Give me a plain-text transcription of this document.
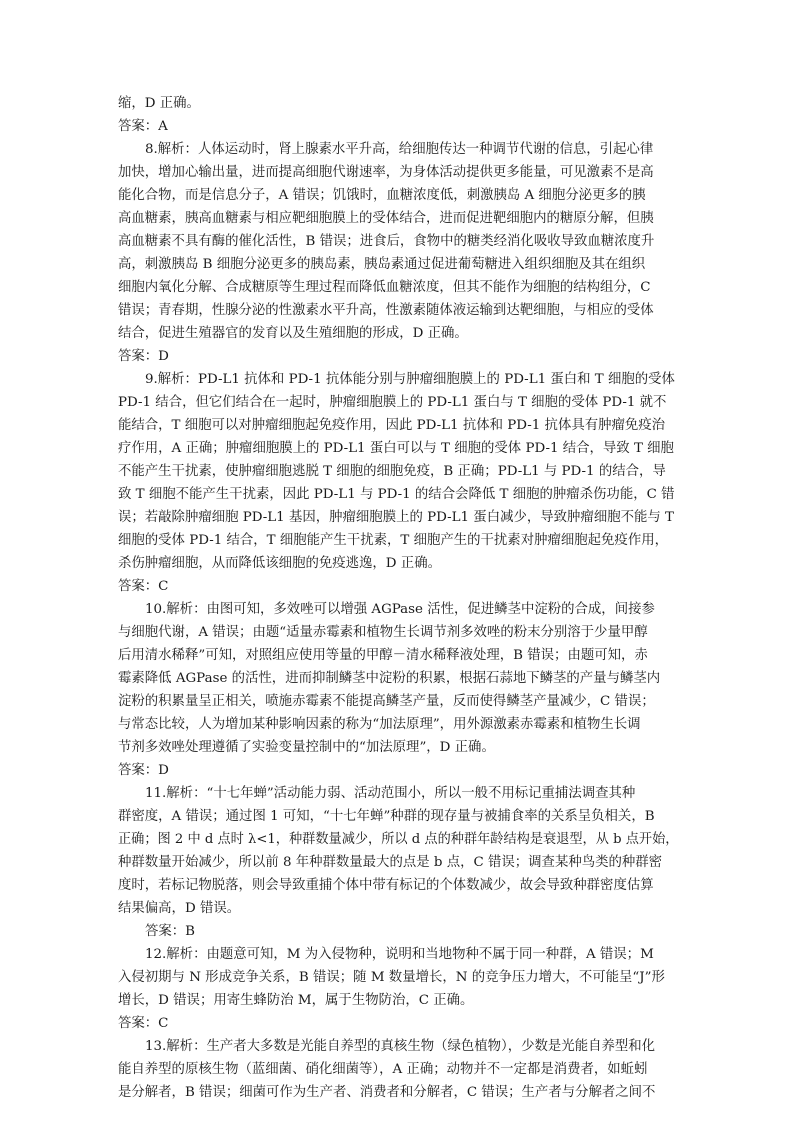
缩，D 正确。
答案：A
8.解析：人体运动时，肾上腺素水平升高，给细胞传达一种调节代谢的信息，引起心律
加快，增加心输出量，进而提高细胞代谢速率，为身体活动提供更多能量，可见激素不是高
能化合物，而是信息分子，A 错误；饥饿时，血糖浓度低，刺激胰岛 A 细胞分泌更多的胰
高血糖素，胰高血糖素与相应靶细胞膜上的受体结合，进而促进靶细胞内的糖原分解，但胰
高血糖素不具有酶的催化活性，B 错误；进食后，食物中的糖类经消化吸收导致血糖浓度升
高，刺激胰岛 B 细胞分泌更多的胰岛素，胰岛素通过促进葡萄糖进入组织细胞及其在组织
细胞内氧化分解、合成糖原等生理过程而降低血糖浓度，但其不能作为细胞的结构组分，C
错误；青春期，性腺分泌的性激素水平升高，性激素随体液运输到达靶细胞，与相应的受体
结合，促进生殖器官的发育以及生殖细胞的形成，D 正确。
答案：D
9.解析：PD-L1 抗体和 PD-1 抗体能分别与肿瘤细胞膜上的 PD-L1 蛋白和 T 细胞的受体
PD-1 结合，但它们结合在一起时，肿瘤细胞膜上的 PD-L1 蛋白与 T 细胞的受体 PD-1 就不
能结合，T 细胞可以对肿瘤细胞起免疫作用，因此 PD-L1 抗体和 PD-1 抗体具有肿瘤免疫治
疗作用，A 正确；肿瘤细胞膜上的 PD-L1 蛋白可以与 T 细胞的受体 PD-1 结合，导致 T 细胞
不能产生干扰素，使肿瘤细胞逃脱 T 细胞的细胞免疫，B 正确；PD-L1 与 PD-1 的结合，导
致 T 细胞不能产生干扰素，因此 PD-L1 与 PD-1 的结合会降低 T 细胞的肿瘤杀伤功能，C 错
误；若敲除肿瘤细胞 PD-L1 基因，肿瘤细胞膜上的 PD-L1 蛋白减少，导致肿瘤细胞不能与 T
细胞的受体 PD-1 结合，T 细胞能产生干扰素，T 细胞产生的干扰素对肿瘤细胞起免疫作用，
杀伤肿瘤细胞，从而降低该细胞的免疫逃逸，D 正确。
答案：C
10.解析：由图可知，多效唑可以增强 AGPase 活性，促进鳞茎中淀粉的合成，间接参
与细胞代谢，A 错误；由题“适量赤霉素和植物生长调节剂多效唑的粉末分别溶于少量甲醇
后用清水稀释”可知，对照组应使用等量的甲醇－清水稀释液处理，B 错误；由题可知，赤
霉素降低 AGPase 的活性，进而抑制鳞茎中淀粉的积累，根据石蒜地下鳞茎的产量与鳞茎内
淀粉的积累量呈正相关，喷施赤霉素不能提高鳞茎产量，反而使得鳞茎产量减少，C 错误；
与常态比较，人为增加某种影响因素的称为“加法原理”，用外源激素赤霉素和植物生长调
节剂多效唑处理遵循了实验变量控制中的“加法原理”，D 正确。
答案：D
11.解析：“十七年蝉”活动能力弱、活动范围小，所以一般不用标记重捕法调查其种
群密度，A 错误；通过图 1 可知，“十七年蝉”种群的现存量与被捕食率的关系呈负相关，B
正确；图 2 中 d 点时 λ<1，种群数量减少，所以 d 点的种群年龄结构是衰退型，从 b 点开始，
种群数量开始减少，所以前 8 年种群数量最大的点是 b 点，C 错误；调查某种鸟类的种群密
度时，若标记物脱落，则会导致重捕个体中带有标记的个体数减少，故会导致种群密度估算
结果偏高，D 错误。
答案：B
12.解析：由题意可知，M 为入侵物种，说明和当地物种不属于同一种群，A 错误；M
入侵初期与 N 形成竞争关系，B 错误；随 M 数量增长，N 的竞争压力增大，不可能呈“J”形
增长，D 错误；用寄生蜂防治 M，属于生物防治，C 正确。
答案：C
13.解析：生产者大多数是光能自养型的真核生物（绿色植物），少数是光能自养型和化
能自养型的原核生物（蓝细菌、硝化细菌等），A 正确；动物并不一定都是消费者，如蚯蚓
是分解者，B 错误；细菌可作为生产者、消费者和分解者，C 错误；生产者与分解者之间不
